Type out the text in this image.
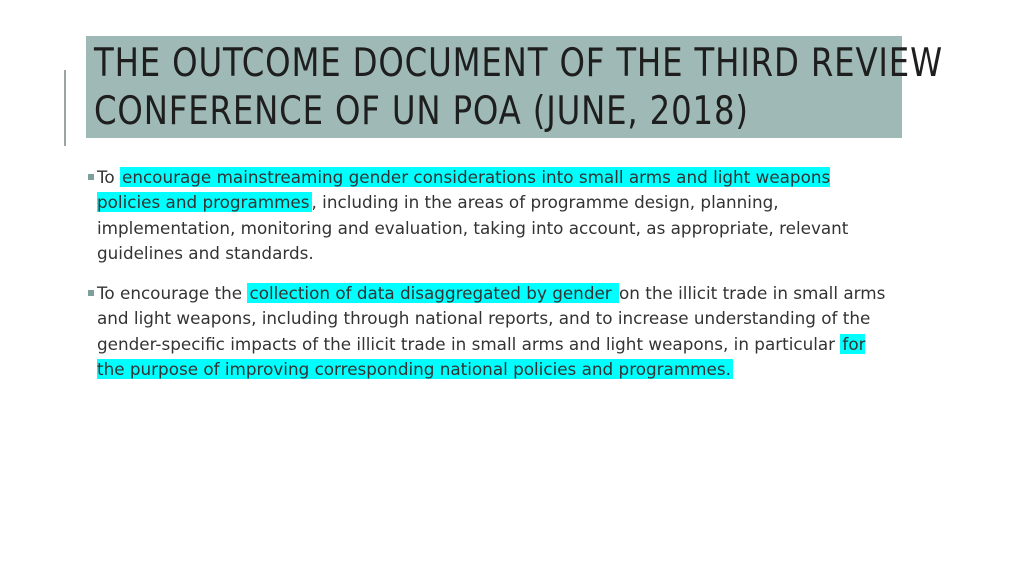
THE OUTCOME DOCUMENT OF THE THIRD REVIEW
CONFERENCE OF UN POA (JUNE, 2018)
To encourage mainstreaming gender considerations into small arms and light weapons policies and programmes , including in the areas of programme design, planning, implementation, monitoring and evaluation, taking into account, as appropriate, relevant guidelines and standards.
To encourage the collection of data disaggregated by gender on the illicit trade in small arms and light weapons, including through national reports, and to increase understanding of the gender-specific impacts of the illicit trade in small arms and light weapons, in particular for the purpose of improving corresponding national policies and programmes.
